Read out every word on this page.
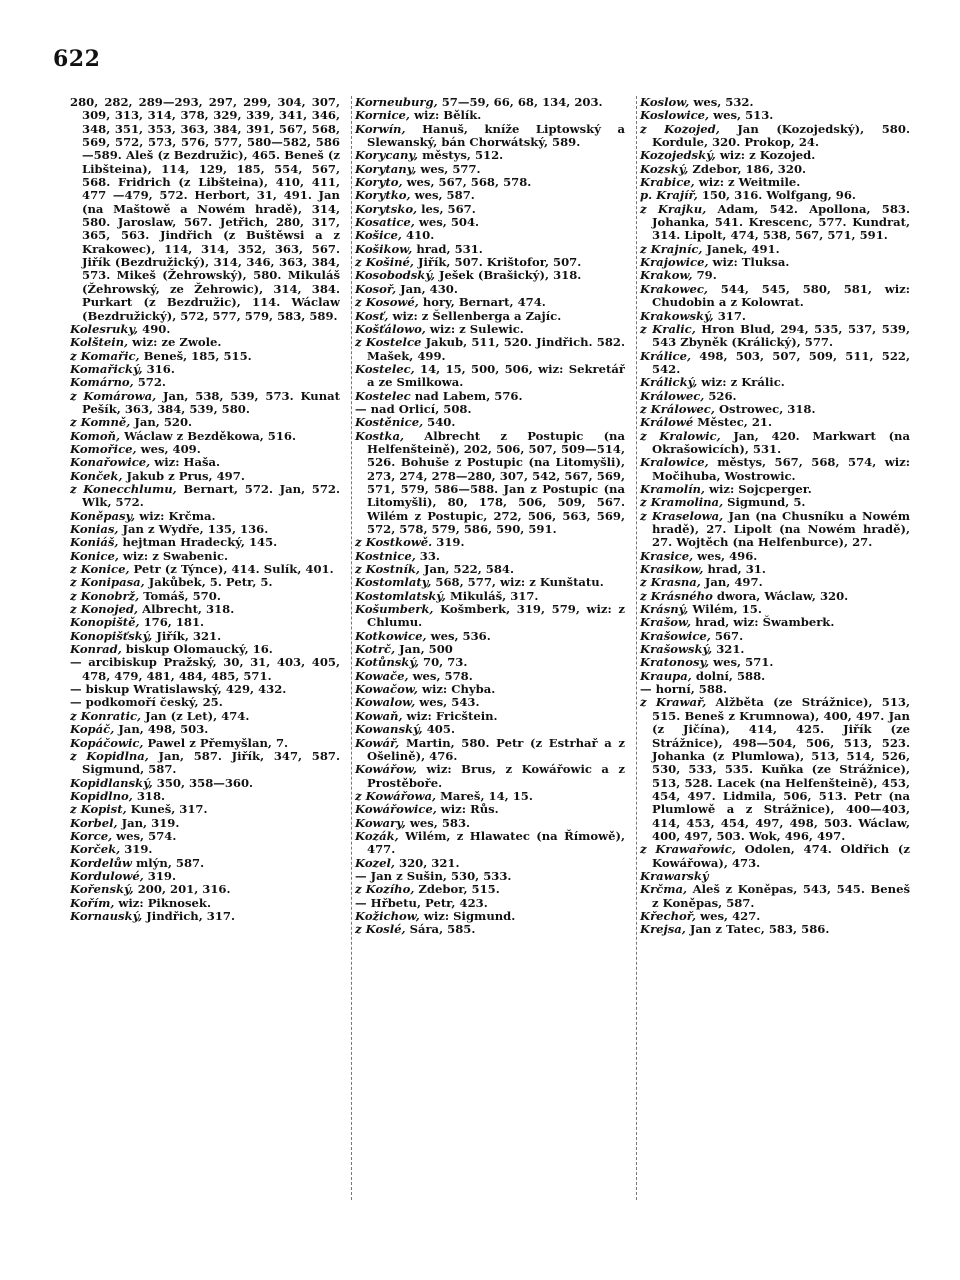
622

280, 282, 289—293, 297, 299, 304, 307, 309, 313, 314, 378, 329, 339, 341, 346, 348, 351, 353, 363, 384, 391, 567, 568, 569, 572, 573, 576, 577, 580—582, 586—589. Aleš (z Bezdružic), 465. Beneš (z Libšteina), 114, 129, 185, 554, 567, 568. Fridrich (z Libšteina), 410, 411, 477 —479, 572. Herbort, 31, 491. Jan (na Maštowě a Nowém hradě), 314, 580. Jaroslaw, 567. Jetřich, 280, 317, 365, 563. Jindřich (z Buštěwsi a z Krakowec), 114, 314, 352, 363, 567. Jiřík (Bezdružický), 314, 346, 363, 384, 573. Mikeš (Žehrowský), 580. Mikuláš (Žehrowský, ze Žehrowic), 314, 384. Purkart (z Bezdružic), 114. Wáclaw (Bezdružický), 572, 577, 579, 583, 589.

Kolesruky, 490.

Kolštein, wiz: ze Zwole.

z Komařic, Beneš, 185, 515.

Komařický, 316.

Komárno, 572.

z Komárowa, Jan, 538, 539, 573. Kunat Pešík, 363, 384, 539, 580.

z Komně, Jan, 520.

Komoň, Wáclaw z Bezděkowa, 516.

Komořice, wes, 409.

Konařowice, wiz: Haša.

Konček, Jakub z Prus, 497.

z Konecchlumu, Bernart, 572. Jan, 572. Wlk, 572.

Koněpasy, wiz: Krčma.

Konias, Jan z Wydře, 135, 136.

Koniáš, hejtman Hradecký, 145.

Konice, wiz: z Swabenic.

z Konice, Petr (z Týnce), 414. Sulík, 401.

z Konipasa, Jakůbek, 5. Petr, 5.

z Konobrž, Tomáš, 570.

z Konojed, Albrecht, 318.

Konopiště, 176, 181.

Konopišťský, Jiřík, 321.

Konrad, biskup Olomaucký, 16.

— arcibiskup Pražský, 30, 31, 403, 405, 478, 479, 481, 484, 485, 571.

— biskup Wratislawský, 429, 432.

— podkomoří český, 25.

z Konratic, Jan (z Let), 474.

Kopáč, Jan, 498, 503.

Kopáčowic, Pawel z Přemyšlan, 7.

z Kopidlna, Jan, 587. Jiřík, 347, 587. Sigmund, 587.

Kopidlanský, 350, 358—360.

Kopidlno, 318.

z Kopist, Kuneš, 317.

Korbel, Jan, 319.

Korce, wes, 574.

Korček, 319.

Kordelůw mlýn, 587.

Kordulowé, 319.

Kořenský, 200, 201, 316.

Kořím, wiz: Piknosek.

Kornauský, Jindřich, 317.

Korneuburg, 57—59, 66, 68, 134, 203.

Kornice, wiz: Bělík.

Korwín, Hanuš, kníže Liptowský a Slewanský, bán Chorwátský, 589.

Korycany, městys, 512.

Korytany, wes, 577.

Koryto, wes, 567, 568, 578.

Korytko, wes, 587.

Korytsko, les, 567.

Kosatice, wes, 504.

Košice, 410.

Košikow, hrad, 531.

z Košiné, Jiřík, 507. Krištofor, 507.

Kosobodský, Ješek (Brašický), 318.

Kosoř, Jan, 430.

z Kosowé, hory, Bernart, 474.

Kosť, wiz: z Šellenberga a Zajíc.

Košťálowo, wiz: z Sulewic.

z Kostelce Jakub, 511, 520. Jindřich. 582. Mašek, 499.

Kostelec, 14, 15, 500, 506, wiz: Sekretář a ze Smilkowa.

Kostelec nad Labem, 576.

— nad Orlicí, 508.

Kostěnice, 540.

Kostka, Albrecht z Postupic (na Helfenšteině), 202, 506, 507, 509—514, 526. Bohuše z Postupic (na Litomyšli), 273, 274, 278—280, 307, 542, 567, 569, 571, 579, 586—588. Jan z Postupic (na Litomyšli), 80, 178, 506, 509, 567. Wilém z Postupic, 272, 506, 563, 569, 572, 578, 579, 586, 590, 591.

z Kostkowě. 319.

Kostnice, 33.

z Kostník, Jan, 522, 584.

Kostomlaty, 568, 577, wiz: z Kunštatu.

Kostomlatský, Mikuláš, 317.

Košumberk, Košmberk, 319, 579, wiz: z Chlumu.

Kotkowice, wes, 536.

Kotrč, Jan, 500

Kotůnský, 70, 73.

Kowače, wes, 578.

Kowačow, wiz: Chyba.

Kowalow, wes, 543.

Kowaň, wiz: Fricštein.

Kowanský, 405.

Kowář, Martin, 580. Petr (z Estrhař a z Ošelině), 476.

Kowářow, wiz: Brus, z Kowářowic a z Prostěboře.

z Kowářowa, Mareš, 14, 15.

Kowářowice, wiz: Růs.

Kowary, wes, 583.

Kozák, Wilém, z Hlawatec (na Římowě), 477.

Kozel, 320, 321.

— Jan z Sušin, 530, 533.

z Kozího, Zdebor, 515.

— Hřbetu, Petr, 423.

Kožichow, wiz: Sigmund.

z Koslé, Sára, 585.

Koslow, wes, 532.

Koslowice, wes, 513.

z Kozojed, Jan (Kozojedský), 580. Kordule, 320. Prokop, 24.

Kozojedský, wiz: z Kozojed.

Kozský, Zdebor, 186, 320.

Krabice, wiz: z Weitmile.

p. Krajíř, 150, 316. Wolfgang, 96.

z Krajku, Adam, 542. Apollona, 583. Johanka, 541. Krescenc, 577. Kundrat, 314. Lipolt, 474, 538, 567, 571, 591.

z Krajníc, Janek, 491.

Krajowice, wiz: Tluksa.

Krakow, 79.

Krakowec, 544, 545, 580, 581, wiz: Chudobin a z Kolowrat.

Krakowský, 317.

z Kralic, Hron Blud, 294, 535, 537, 539, 543 Zbyněk (Králický), 577.

Králice, 498, 503, 507, 509, 511, 522, 542.

Králický, wiz: z Králic.

Králowec, 526.

z Králowec, Ostrowec, 318.

Králowé Městec, 21.

z Kralowic, Jan, 420. Markwart (na Okrašowicích), 531.

Kralowice, městys, 567, 568, 574, wiz: Močihuba, Wostrowic.

Kramolín, wiz: Sojcperger.

z Kramolina, Sigmund, 5.

z Kraselowa, Jan (na Chusníku a Nowém hradě), 27. Lipolt (na Nowém hradě), 27. Wojtěch (na Helfenburce), 27.

Krasice, wes, 496.

Krasikow, hrad, 31.

z Krasna, Jan, 497.

z Krásného dwora, Wáclaw, 320.

Krásný, Wilém, 15.

Krašow, hrad, wiz: Šwamberk.

Krašowice, 567.

Krašowský, 321.

Kratonosy, wes, 571.

Kraupa, dolní, 588.

— horní, 588.

z Krawař, Alžběta (ze Strážnice), 513, 515. Beneš z Krumnowa), 400, 497. Jan (z Jičína), 414, 425. Jiřík (ze Strážnice), 498—504, 506, 513, 523. Johanka (z Plumlowa), 513, 514, 526, 530, 533, 535. Kuňka (ze Strážnice), 513, 528. Lacek (na Helfenšteině), 453, 454, 497. Lidmila, 506, 513. Petr (na Plumlowě a z Strážnice), 400—403, 414, 453, 454, 497, 498, 503. Wáclaw, 400, 497, 503. Wok, 496, 497.

z Krawařowic, Odolen, 474. Oldřich (z Kowářowa), 473.

Krawarský

Krčma, Aleš z Koněpas, 543, 545. Beneš z Koněpas, 587.

Křechoř, wes, 427.

Krejsa, Jan z Tatec, 583, 586.
